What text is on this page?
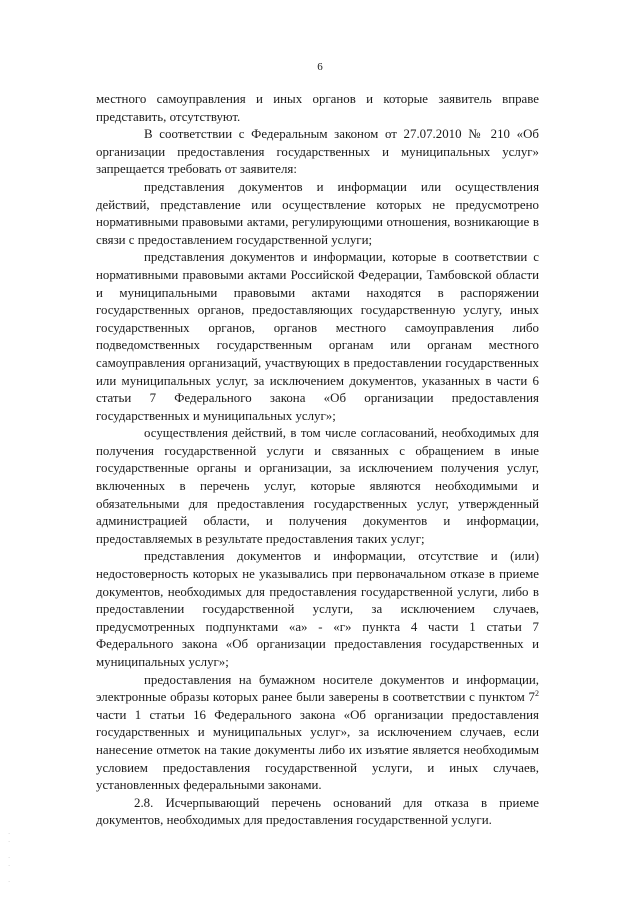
6

местного самоуправления и иных органов и которые заявитель вправе представить, отсутствуют.

В соответствии с Федеральным законом от 27.07.2010 № 210 «Об организации предоставления государственных и муниципальных услуг» запрещается требовать от заявителя:

представления документов и информации или осуществления действий, представление или осуществление которых не предусмотрено нормативными правовыми актами, регулирующими отношения, возникающие в связи с предоставлением государственной услуги;

представления документов и информации, которые в соответствии с нормативными правовыми актами Российской Федерации, Тамбовской области и муниципальными правовыми актами находятся в распоряжении государственных органов, предоставляющих государственную услугу, иных государственных органов, органов местного самоуправления либо подведомственных государственным органам или органам местного самоуправления организаций, участвующих в предоставлении государственных или муниципальных услуг, за исключением документов, указанных в части 6 статьи 7 Федерального закона «Об организации предоставления государственных и муниципальных услуг»;

осуществления действий, в том числе согласований, необходимых для получения государственной услуги и связанных с обращением в иные государственные органы и организации, за исключением получения услуг, включенных в перечень услуг, которые являются необходимыми и обязательными для предоставления государственных услуг, утвержденный администрацией области, и получения документов и информации, предоставляемых в результате предоставления таких услуг;

представления документов и информации, отсутствие и (или) недостоверность которых не указывались при первоначальном отказе в приеме документов, необходимых для предоставления государственной услуги, либо в предоставлении государственной услуги, за исключением случаев, предусмотренных подпунктами «а» - «г» пункта 4 части 1 статьи 7 Федерального закона «Об организации предоставления государственных и муниципальных услуг»;

предоставления на бумажном носителе документов и информации, электронные образы которых ранее были заверены в соответствии с пунктом $7^2$ части 1 статьи 16 Федерального закона «Об организации предоставления государственных и муниципальных услуг», за исключением случаев, если нанесение отметок на такие документы либо их изъятие является необходимым условием предоставления государственной услуги, и иных случаев, установленных федеральными законами.

2.8. Исчерпывающий перечень оснований для отказа в приеме документов, необходимых для предоставления государственной услуги.

·
·

·
·

·
